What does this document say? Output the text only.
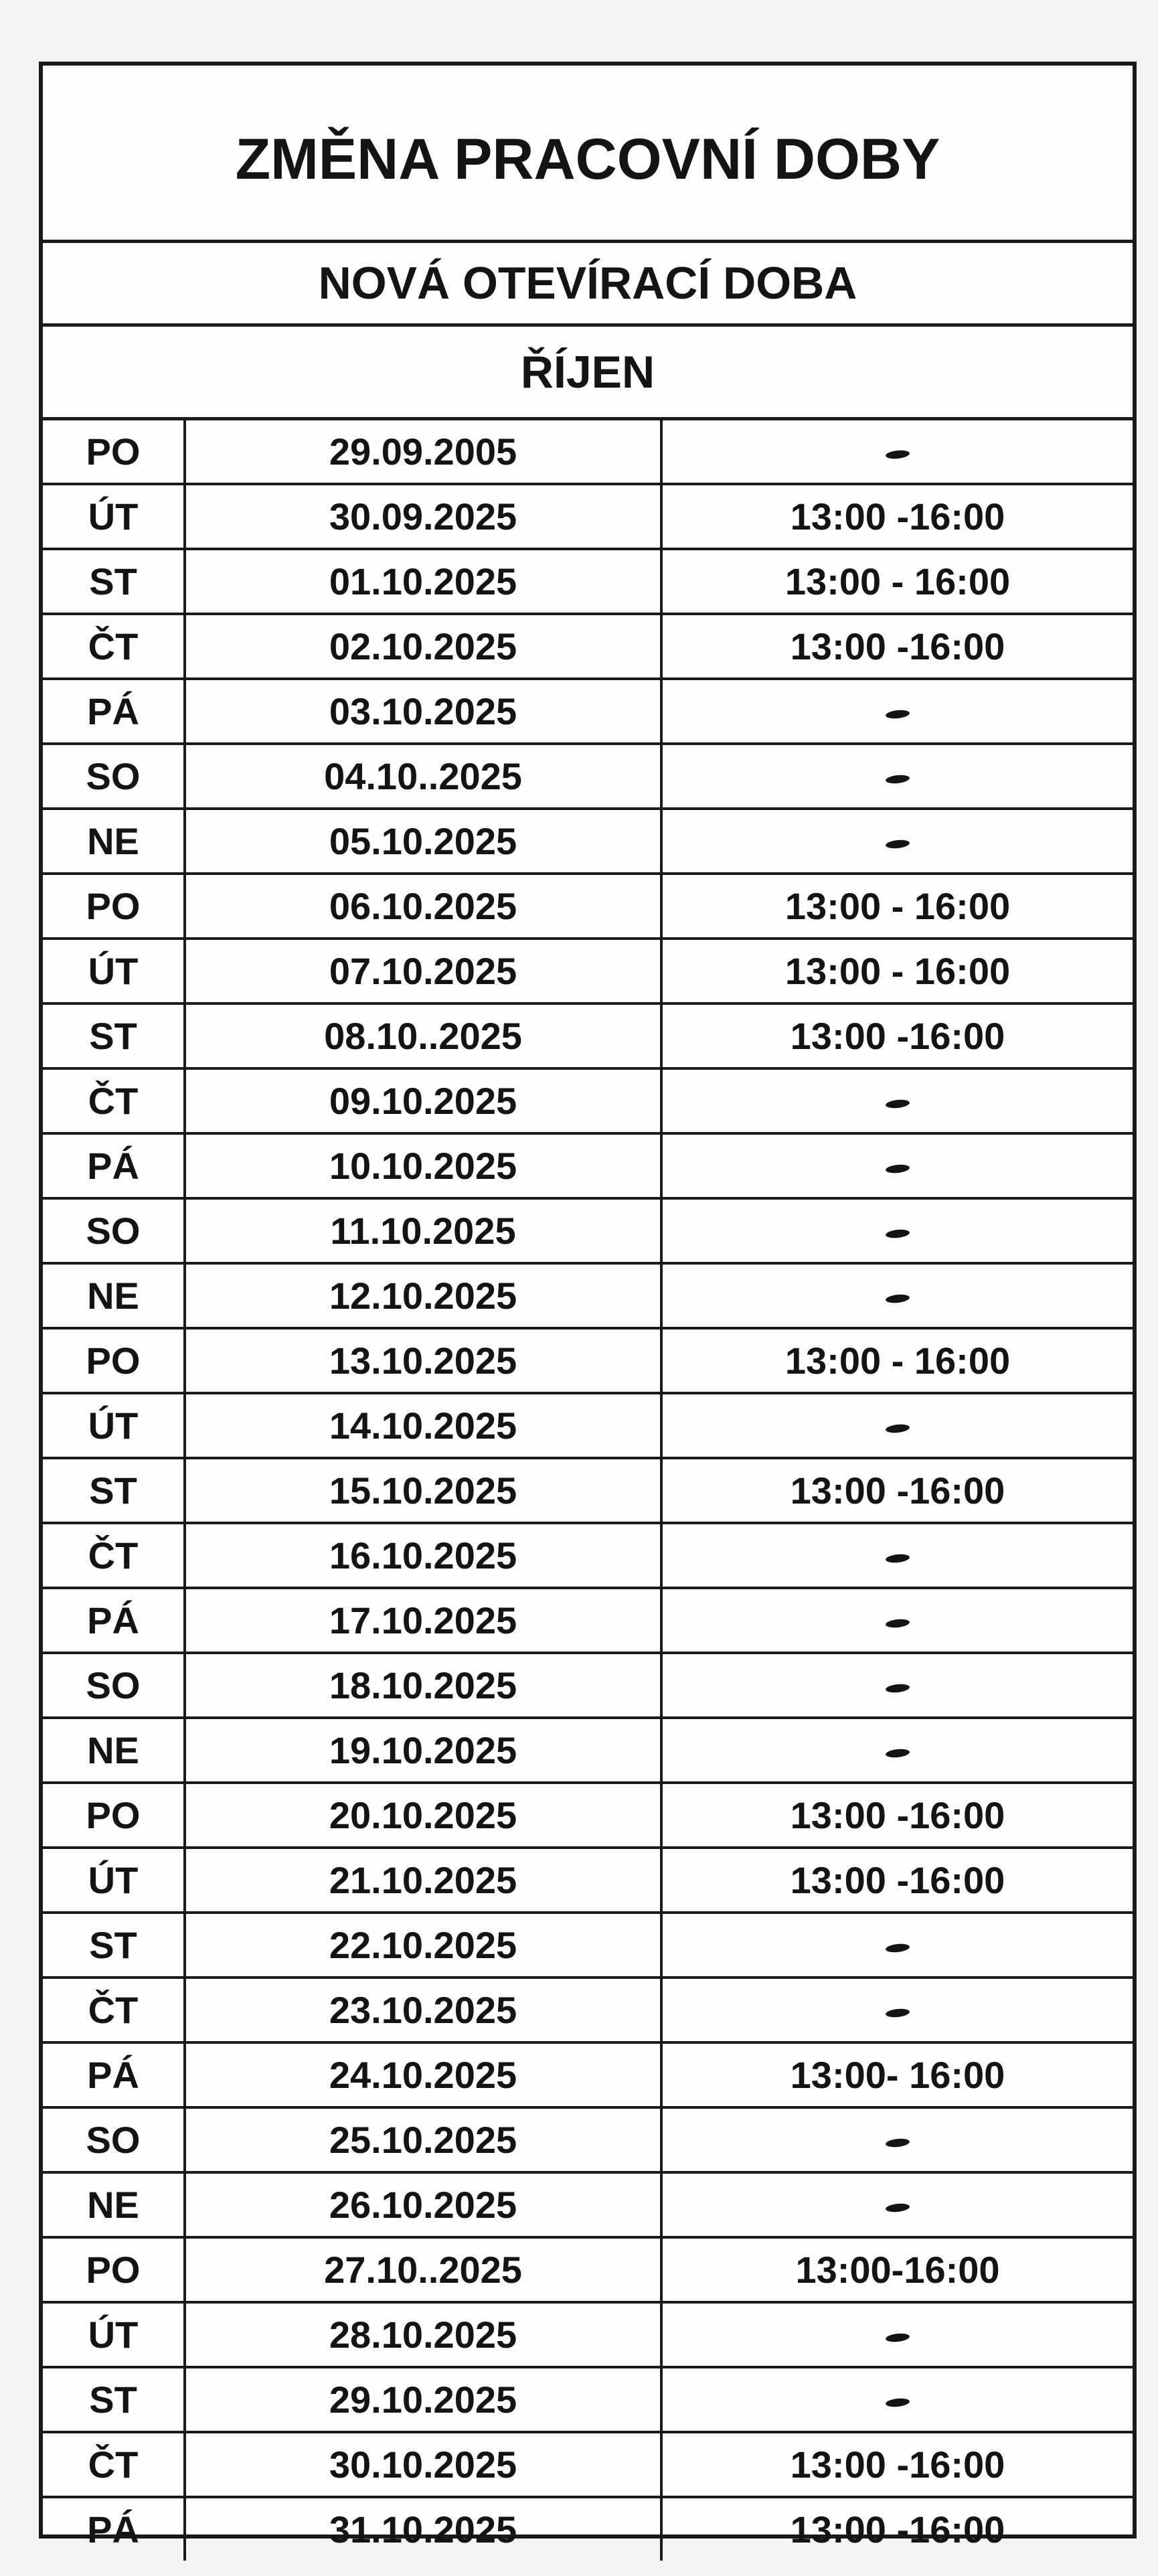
ZMĚNA PRACOVNÍ DOBY
NOVÁ OTEVÍRACÍ DOBA
ŘÍJEN
PO	29.09.2005	
ÚT	30.09.2025	13:00 -16:00
ST	01.10.2025	13:00 - 16:00
ČT	02.10.2025	13:00 -16:00
PÁ	03.10.2025	
SO	04.10..2025	
NE	05.10.2025	
PO	06.10.2025	13:00 - 16:00
ÚT	07.10.2025	13:00 - 16:00
ST	08.10..2025	13:00 -16:00
ČT	09.10.2025	
PÁ	10.10.2025	
SO	11.10.2025	
NE	12.10.2025	
PO	13.10.2025	13:00 - 16:00
ÚT	14.10.2025	
ST	15.10.2025	13:00 -16:00
ČT	16.10.2025	
PÁ	17.10.2025	
SO	18.10.2025	
NE	19.10.2025	
PO	20.10.2025	13:00 -16:00
ÚT	21.10.2025	13:00 -16:00
ST	22.10.2025	
ČT	23.10.2025	
PÁ	24.10.2025	13:00- 16:00
SO	25.10.2025	
NE	26.10.2025	
PO	27.10..2025	13:00-16:00
ÚT	28.10.2025	
ST	29.10.2025	
ČT	30.10.2025	13:00 -16:00
PÁ	31.10.2025	13:00 -16:00
